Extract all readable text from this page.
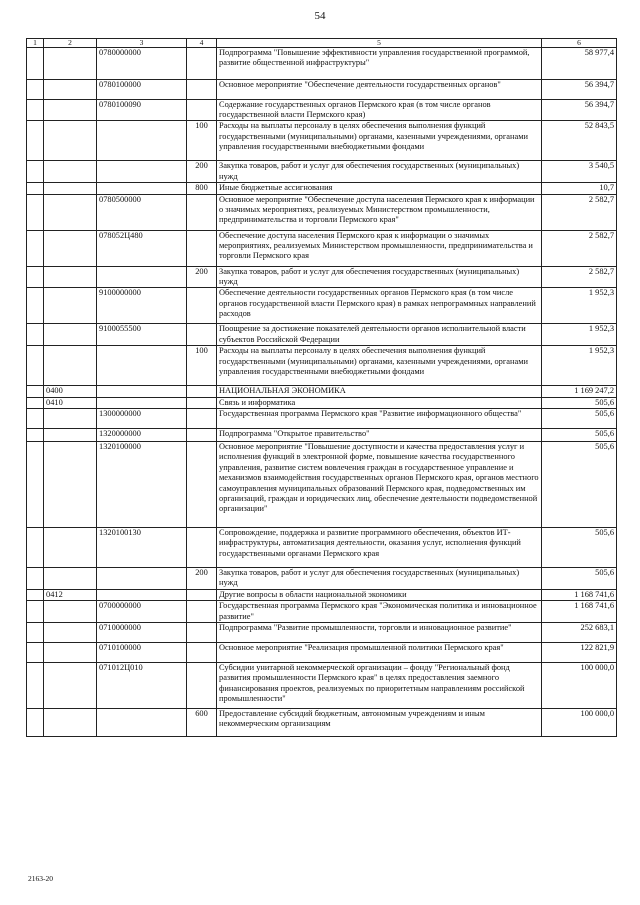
54
1	2	3	4	5	6
		0780000000		Подпрограмма "Повышение эффективности управления государственной программой, развитие общественной инфраструктуры"	58 977,4
		0780100000		Основное мероприятие "Обеспечение деятельности государственных органов"	56 394,7
		0780100090		Содержание государственных органов Пермского края (в том числе органов государственной власти Пермского края)	56 394,7
			100	Расходы на выплаты персоналу в целях обеспечения выполнения функций государственными (муниципальными) органами, казенными учреждениями, органами управления государственными внебюджетными фондами	52 843,5
			200	Закупка товаров, работ и услуг для обеспечения государственных (муниципальных) нужд	3 540,5
			800	Иные бюджетные ассигнования	10,7
		0780500000		Основное мероприятие "Обеспечение доступа населения Пермского края к информации о значимых мероприятиях, реализуемых Министерством промышленности, предпринимательства и торговли Пермского края"	2 582,7
		078052Ц480		Обеспечение доступа населения Пермского края к информации о значимых мероприятиях, реализуемых Министерством промышленности, предпринимательства и торговли Пермского края	2 582,7
			200	Закупка товаров, работ и услуг для обеспечения государственных (муниципальных) нужд	2 582,7
		9100000000		Обеспечение деятельности государственных органов Пермского края (в том числе органов государственной власти Пермского края) в рамках непрограммных направлений расходов	1 952,3
		9100055500		Поощрение за достижение показателей деятельности органов исполнительной власти субъектов Российской Федерации	1 952,3
			100	Расходы на выплаты персоналу в целях обеспечения выполнения функций государственными (муниципальными) органами, казенными учреждениями, органами управления государственными внебюджетными фондами	1 952,3
	0400			НАЦИОНАЛЬНАЯ ЭКОНОМИКА	1 169 247,2
	0410			Связь и информатика	505,6
		1300000000		Государственная программа Пермского края "Развитие информационного общества"	505,6
		1320000000		Подпрограмма "Открытое правительство"	505,6
		1320100000		Основное мероприятие "Повышение доступности и качества предоставления услуг и исполнения функций в электронной форме, повышение качества государственного управления, развитие систем вовлечения граждан в государственное управление и механизмов взаимодействия государственных органов Пермского края, органов местного самоуправления муниципальных образований Пермского края, подведомственных им организаций, граждан и юридических лиц, обеспечение деятельности подведомственной организации"	505,6
		1320100130		Сопровождение, поддержка и развитие программного обеспечения, объектов ИТ-инфраструктуры, автоматизация деятельности, оказания услуг, исполнения функций государственными органами Пермского края	505,6
			200	Закупка товаров, работ и услуг для обеспечения государственных (муниципальных) нужд	505,6
	0412			Другие вопросы в области национальной экономики	1 168 741,6
		0700000000		Государственная программа Пермского края "Экономическая политика и инновационное развитие"	1 168 741,6
		0710000000		Подпрограмма "Развитие промышленности, торговли и инновационное развитие"	252 683,1
		0710100000		Основное мероприятие "Реализация промышленной политики Пермского края"	122 821,9
		071012Ц010		Субсидии унитарной некоммерческой организации – фонду "Региональный фонд развития промышленности Пермского края" в целях предоставления заемного финансирования проектов, реализуемых по приоритетным направлениям российской промышленности"	100 000,0
			600	Предоставление субсидий бюджетным, автономным учреждениям и иным некоммерческим организациям	100 000,0
2163-20
